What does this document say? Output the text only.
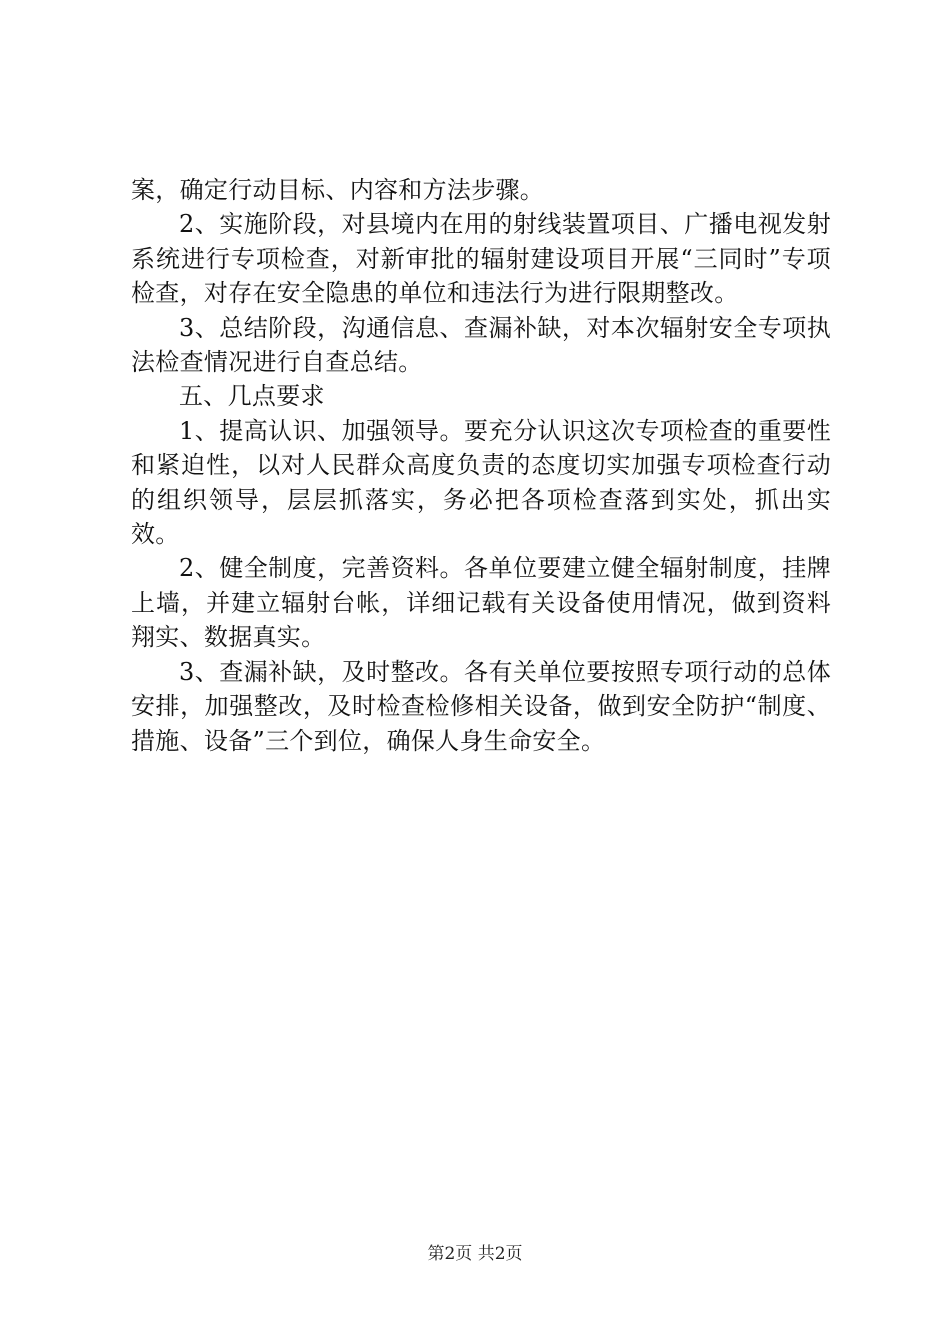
案，确定行动目标、内容和方法步骤。

2、实施阶段，对县境内在用的射线装置项目、广播电视发射系统进行专项检查，对新审批的辐射建设项目开展“三同时”专项检查，对存在安全隐患的单位和违法行为进行限期整改。

3、总结阶段，沟通信息、查漏补缺，对本次辐射安全专项执法检查情况进行自查总结。

五、几点要求

1、提高认识、加强领导。要充分认识这次专项检查的重要性和紧迫性，以对人民群众高度负责的态度切实加强专项检查行动的组织领导，层层抓落实，务必把各项检查落到实处，抓出实效。

2、健全制度，完善资料。各单位要建立健全辐射制度，挂牌上墙，并建立辐射台帐，详细记载有关设备使用情况，做到资料翔实、数据真实。

3、查漏补缺，及时整改。各有关单位要按照专项行动的总体安排，加强整改，及时检查检修相关设备，做到安全防护“制度、措施、设备”三个到位，确保人身生命安全。

第2页 共2页
